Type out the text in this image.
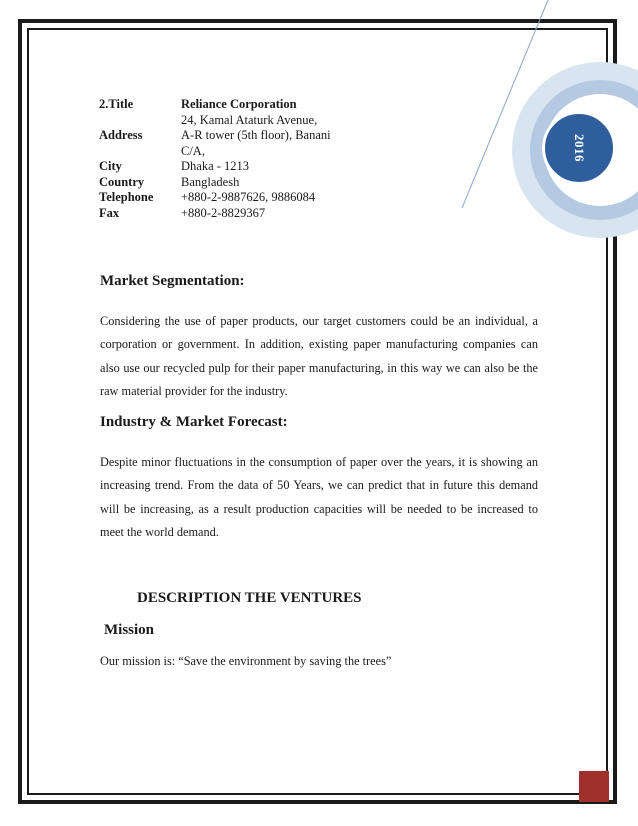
2016
2.Title	Reliance Corporation
	24, Kamal Ataturk Avenue,
Address	A-R tower (5th floor), Banani
	C/A,
City	Dhaka - 1213
Country	Bangladesh
Telephone	+880-2-9887626, 9886084
Fax	+880-2-8829367
Market Segmentation:
Considering the use of paper products, our target customers could be an individual, a corporation or government. In addition, existing paper manufacturing companies can also use our recycled pulp for their paper manufacturing, in this way we can also be the raw material provider for the industry.
Industry & Market Forecast:
Despite minor fluctuations in the consumption of paper over the years, it is showing an increasing trend. From the data of 50 Years, we can predict that in future this demand will be increasing, as a result production capacities will be needed to be increased to meet the world demand.
DESCRIPTION THE VENTURES
Mission
Our mission is: “Save the environment by saving the trees”
